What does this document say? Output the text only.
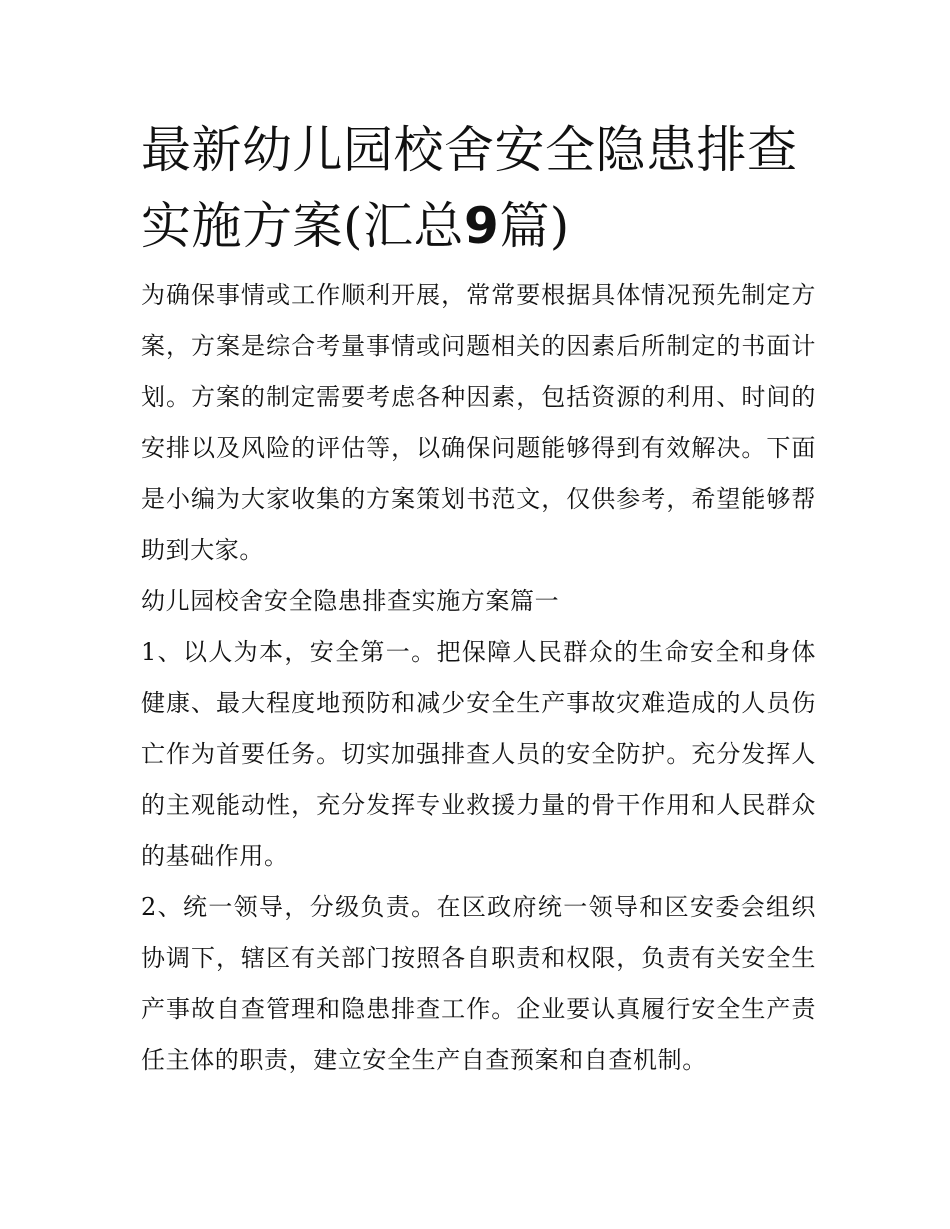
最新幼儿园校舍安全隐患排查
实施方案(汇总9篇)

为确保事情或工作顺利开展，常常要根据具体情况预先制定方案，方案是综合考量事情或问题相关的因素后所制定的书面计划。方案的制定需要考虑各种因素，包括资源的利用、时间的安排以及风险的评估等，以确保问题能够得到有效解决。下面是小编为大家收集的方案策划书范文，仅供参考，希望能够帮助到大家。

幼儿园校舍安全隐患排查实施方案篇一

1、以人为本，安全第一。把保障人民群众的生命安全和身体健康、最大程度地预防和减少安全生产事故灾难造成的人员伤亡作为首要任务。切实加强排查人员的安全防护。充分发挥人的主观能动性，充分发挥专业救援力量的骨干作用和人民群众的基础作用。

2、统一领导，分级负责。在区政府统一领导和区安委会组织协调下，辖区有关部门按照各自职责和权限，负责有关安全生产事故自查管理和隐患排查工作。企业要认真履行安全生产责任主体的职责，建立安全生产自查预案和自查机制。
